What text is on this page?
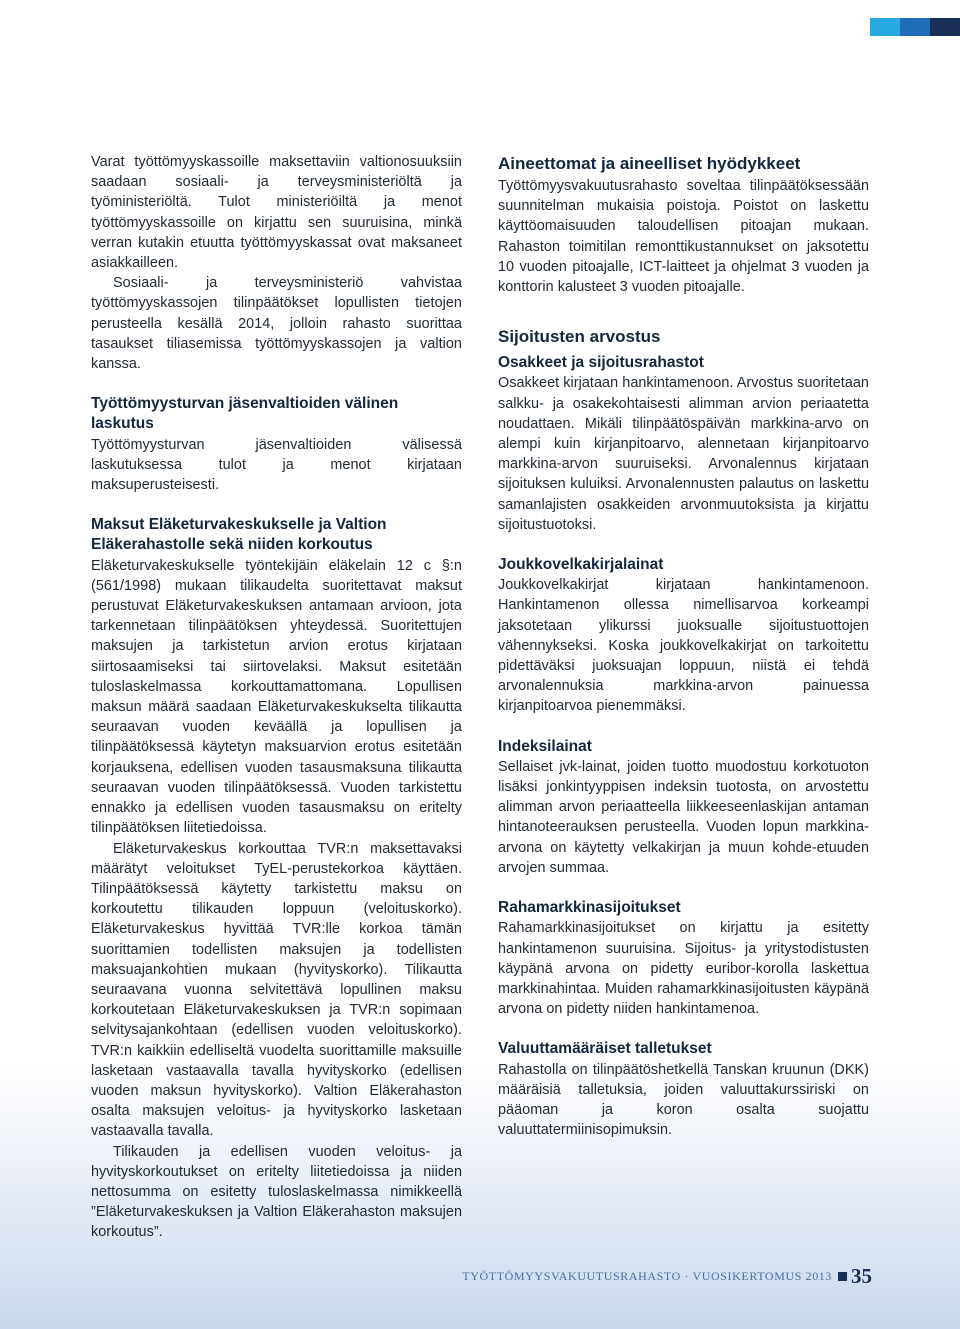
Varat työttömyyskassoille maksettaviin valtionosuuksiin saadaan sosiaali- ja terveysministeriöltä ja työministeriöltä. Tulot ministeriöiltä ja menot työttömyyskassoille on kirjattu sen suuruisina, minkä verran kutakin etuutta työttömyyskassat ovat maksaneet asiakkailleen.

Sosiaali- ja terveysministeriö vahvistaa työttömyyskassojen tilinpäätökset lopullisten tietojen perusteella kesällä 2014, jolloin rahasto suorittaa tasaukset tiliasemissa työttömyyskassojen ja valtion kanssa.

Työttömyysturvan jäsenvaltioiden välinen laskutus

Työttömyysturvan jäsenvaltioiden välisessä laskutuksessa tulot ja menot kirjataan maksuperusteisesti.

Maksut Eläketurvakeskukselle ja Valtion Eläkerahastolle sekä niiden korkoutus

Eläketurvakeskukselle työntekijäin eläkelain 12 c §:n (561/1998) mukaan tilikaudelta suoritettavat maksut perustuvat Eläketurvakeskuksen antamaan arvioon, jota tarkennetaan tilinpäätöksen yhteydessä. Suoritettujen maksujen ja tarkistetun arvion erotus kirjataan siirtosaamiseksi tai siirtovelaksi. Maksut esitetään tuloslaskelmassa korkouttamattomana. Lopullisen maksun määrä saadaan Eläketurvakeskukselta tilikautta seuraavan vuoden keväällä ja lopullisen ja tilinpäätöksessä käytetyn maksuarvion erotus esitetään korjauksena, edellisen vuoden tasausmaksuna tilikautta seuraavan vuoden tilinpäätöksessä. Vuoden tarkistettu ennakko ja edellisen vuoden tasausmaksu on eritelty tilinpäätöksen liitetiedoissa.

Eläketurvakeskus korkouttaa TVR:n maksettavaksi määrätyt veloitukset TyEL-perustekorkoa käyttäen. Tilinpäätöksessä käytetty tarkistettu maksu on korkoutettu tilikauden loppuun (veloituskorko). Eläketurvakeskus hyvittää TVR:lle korkoa tämän suorittamien todellisten maksujen ja todellisten maksuajankohtien mukaan (hyvityskorko). Tilikautta seuraavana vuonna selvitettävä lopullinen maksu korkoutetaan Eläketurvakeskuksen ja TVR:n sopimaan selvitysajankohtaan (edellisen vuoden veloituskorko). TVR:n kaikkiin edelliseltä vuodelta suorittamille maksuille lasketaan vastaavalla tavalla hyvityskorko (edellisen vuoden maksun hyvityskorko). Valtion Eläkerahaston osalta maksujen veloitus- ja hyvityskorko lasketaan vastaavalla tavalla.

Tilikauden ja edellisen vuoden veloitus- ja hyvityskorkoutukset on eritelty liitetiedoissa ja niiden nettosumma on esitetty tuloslaskelmassa nimikkeellä ”Eläketurvakeskuksen ja Valtion Eläkerahaston maksujen korkoutus”.

Aineettomat ja aineelliset hyödykkeet

Työttömyysvakuutusrahasto soveltaa tilinpäätöksessään suunnitelman mukaisia poistoja. Poistot on laskettu käyttöomaisuuden taloudellisen pitoajan mukaan. Rahaston toimitilan remonttikustannukset on jaksotettu 10 vuoden pitoajalle, ICT-laitteet ja ohjelmat 3 vuoden ja konttorin kalusteet 3 vuoden pitoajalle.

Sijoitusten arvostus
Osakkeet ja sijoitusrahastot

Osakkeet kirjataan hankintamenoon. Arvostus suoritetaan salkku- ja osakekohtaisesti alimman arvion periaatetta noudattaen. Mikäli tilinpäätöspäivän markkina-arvo on alempi kuin kirjanpitoarvo, alennetaan kirjanpitoarvo markkina-arvon suuruiseksi. Arvonalennus kirjataan sijoituksen kuluiksi. Arvonalennusten palautus on laskettu samanlajisten osakkeiden arvonmuutoksista ja kirjattu sijoitustuotoksi.

Joukkovelkakirjalainat

Joukkovelkakirjat kirjataan hankintamenoon. Hankintamenon ollessa nimellisarvoa korkeampi jaksotetaan ylikurssi juoksualle sijoitustuottojen vähennykseksi. Koska joukkovelkakirjat on tarkoitettu pidettäväksi juoksuajan loppuun, niistä ei tehdä arvonalennuksia markkina-arvon painuessa kirjanpitoarvoa pienemmäksi.

Indeksilainat

Sellaiset jvk-lainat, joiden tuotto muodostuu korkotuoton lisäksi jonkintyyppisen indeksin tuotosta, on arvostettu alimman arvon periaatteella liikkeeseenlaskijan antaman hintanoteerauksen perusteella. Vuoden lopun markkina-arvona on käytetty velkakirjan ja muun kohde-etuuden arvojen summaa.

Rahamarkkinasijoitukset

Rahamarkkinasijoitukset on kirjattu ja esitetty hankintamenon suuruisina. Sijoitus- ja yritystodistusten käypänä arvona on pidetty euribor-korolla laskettua markkinahintaa. Muiden rahamarkkinasijoitusten käypänä arvona on pidetty niiden hankintamenoa.

Valuuttamääräiset talletukset

Rahastolla on tilinpäätöshetkellä Tanskan kruunun (DKK) määräisiä talletuksia, joiden valuuttakurssiriski on pääoman ja koron osalta suojattu valuuttatermiinisopimuksin.

TYÖTTÖMYYSVAKUUTUSRAHASTO · VUOSIKERTOMUS 2013 35
